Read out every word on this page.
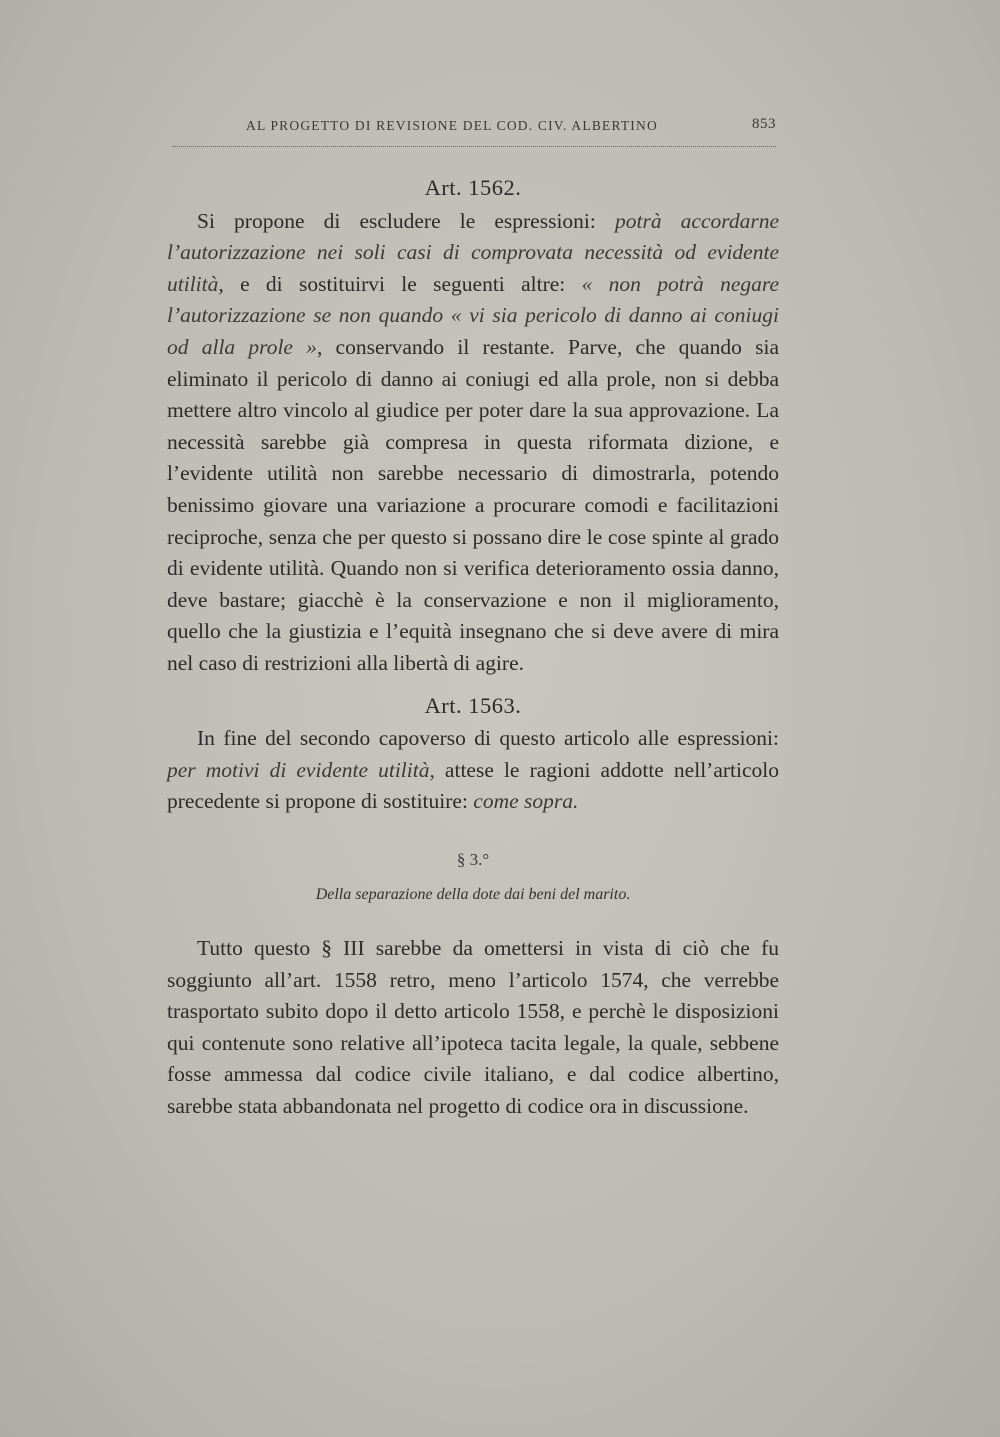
AL PROGETTO DI REVISIONE DEL COD. CIV. ALBERTINO	853
Art. 1562.

Si propone di escludere le espressioni: potrà accordarne l’autorizzazione nei soli casi di comprovata necessità od evidente utilità, e di sostituirvi le seguenti altre: « non potrà negare l’autorizzazione se non quando « vi sia pericolo di danno ai coniugi od alla prole », conservando il restante. Parve, che quando sia eliminato il pericolo di danno ai coniugi ed alla prole, non si debba mettere altro vincolo al giudice per poter dare la sua approvazione. La necessità sarebbe già compresa in questa riformata dizione, e l’evidente utilità non sarebbe necessario di dimostrarla, potendo benissimo giovare una variazione a procurare comodi e facilitazioni reciproche, senza che per questo si possano dire le cose spinte al grado di evidente utilità. Quando non si verifica deterioramento ossia danno, deve bastare; giacchè è la conservazione e non il miglioramento, quello che la giustizia e l’equità insegnano che si deve avere di mira nel caso di restrizioni alla libertà di agire.

Art. 1563.

In fine del secondo capoverso di questo articolo alle espressioni: per motivi di evidente utilità, attese le ragioni addotte nell’articolo precedente si propone di sostituire: come sopra.

§ 3.°
Della separazione della dote dai beni del marito.

Tutto questo § III sarebbe da omettersi in vista di ciò che fu soggiunto all’art. 1558 retro, meno l’articolo 1574, che verrebbe trasportato subito dopo il detto articolo 1558, e perchè le disposizioni qui contenute sono relative all’ipoteca tacita legale, la quale, sebbene fosse ammessa dal codice civile italiano, e dal codice albertino, sarebbe stata abbandonata nel progetto di codice ora in discussione.
